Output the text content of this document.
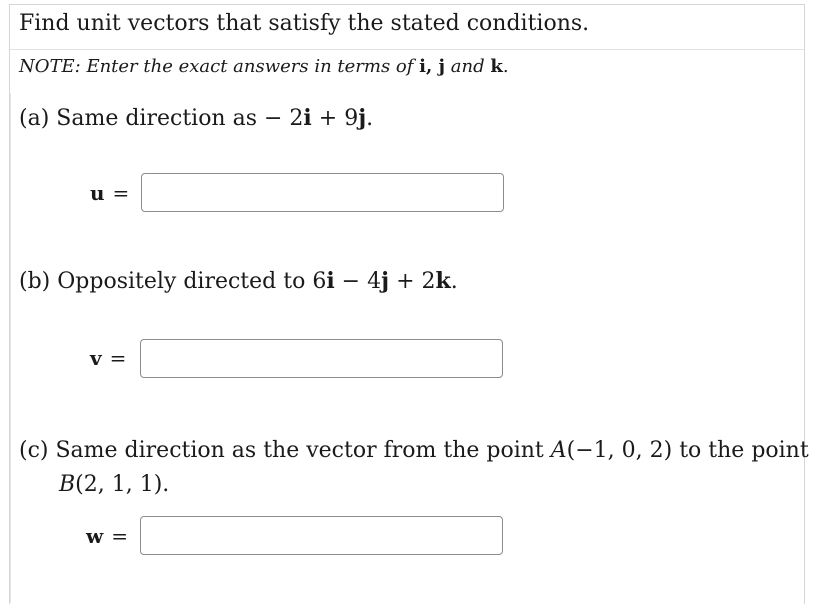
Find unit vectors that satisfy the stated conditions.
NOTE: Enter the exact answers in terms of i, j and k.
(a) Same direction as − 2i + 9j.
u =
(b) Oppositely directed to 6i − 4j + 2k.
v =
(c) Same direction as the vector from the point A(−1, 0, 2) to the point
B(2, 1, 1).
w =
